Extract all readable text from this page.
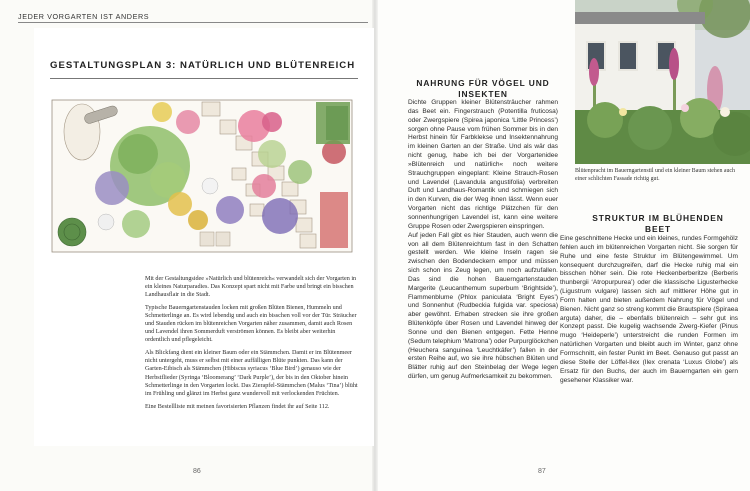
JEDER VORGARTEN IST ANDERS
GESTALTUNGSPLAN 3: NATÜRLICH UND BLÜTENREICH

Mit der Gestaltungsidee »Natürlich und blütenreich« verwandelt sich der Vorgarten in ein kleines Naturparadies. Das Konzept spart nicht mit Farbe und bringt ein bisschen Landhausflair in die Stadt.

Typische Bauerngartenstauden locken mit großen Blüten Bienen, Hummeln und Schmetterlinge an. Es wird lebendig und auch ein bisschen voll vor der Tür. Sträucher und Stauden rücken im blütenreichen Vorgarten näher zusammen, damit auch Rosen und Lavendel ihren Sommerduft verströmen können. Es bleibt aber weiterhin ordentlich und pflegeleicht.

Als Blickfang dient ein kleiner Baum oder ein Stämmchen. Damit er im Blütenmeer nicht untergeht, muss er selbst mit einer auffälligen Blüte punkten. Das kann der Garten-Eibisch als Stämmchen (Hibiscus syriacus ‘Blue Bird’) genauso wie der Herbstflieder (Syringa ‘Bloomerang’ ‘Dark Purple’), der bis in den Oktober hinein Schmetterlinge in den Vorgarten lockt. Das Zierapfel-Stämmchen (Malus ‘Tina’) blüht im Frühling und glänzt im Herbst ganz wundervoll mit verlockenden Früchten.

Eine Bestellliste mit meinen favorisierten Pflanzen findet ihr auf Seite 112.

86
NAHRUNG FÜR VÖGEL UND INSEKTEN

Dichte Gruppen kleiner Blütensträucher rahmen das Beet ein. Fingerstrauch (Potentilla fruticosa) oder Zwergspiere (Spirea japonica ‘Little Princess’) sorgen ohne Pause vom frühen Sommer bis in den Herbst hinein für Farbklekse und Insektennahrung im kleinen Garten an der Straße. Und als wär das nicht genug, habe ich bei der Vorgartenidee »Blütenreich und natürlich« noch weitere Strauchgruppen eingeplant: Kleine Strauch-Rosen und Lavendel (Lavandula angustifolia) verbreiten Duft und Landhaus-Romantik und schmiegen sich in den Kurven, die der Weg ihnen lässt. Wenn euer Vorgarten nicht das richtige Plätzchen für den sonnenhungrigen Lavendel ist, kann eine weitere Gruppe Rosen oder Zwergspieren einspringen.

Auf jeden Fall gibt es hier Stauden, auch wenn die von all dem Blütenreichtum fast in den Schatten gestellt werden. Wie kleine Inseln ragen sie zwischen den Bodendeckern empor und müssen sich schon ins Zeug legen, um noch aufzufallen. Das sind die hohen Bauerngartenstauden Margerite (Leucanthemum superbum ‘Brightside’), Flammenblume (Phlox paniculata ‘Bright Eyes’) und Sonnenhut (Rudbeckia fulgida var. speciosa) aber gewöhnt. Erhaben strecken sie ihre großen Blütenköpfe über Rosen und Lavendel hinweg der Sonne und den Bienen entgegen. Fette Henne (Sedum telephium ‘Matrona’) oder Purpurglöckchen (Heuchera sanguinea ‘Leuchtkäfer’) fallen in der ersten Reihe auf, wo sie ihre hübschen Blüten und Blätter ruhig auf den Steinbelag der Wege legen dürfen, um genug Aufmerksamkeit zu bekommen.

Blütenpracht im Bauerngartenstil und ein kleiner Baum stehen auch einer schlichten Fassade richtig gut.
STRUKTUR IM BLÜHENDEN BEET

Eine geschnittene Hecke und ein kleines, rundes Formgehölz fehlen auch im blütenreichen Vorgarten nicht. Sie sorgen für Ruhe und eine feste Struktur im Blütengewimmel. Um konsequent durchzugreifen, darf die Hecke ruhig mal ein bisschen höher sein. Die rote Heckenberberitze (Berberis thunbergii ‘Atropurpurea’) oder die klassische Ligusterhecke (Ligustrum vulgare) lassen sich auf mittlerer Höhe gut in Form halten und bieten außerdem Nahrung für Vögel und Bienen. Nicht ganz so streng kommt die Brautspiere (Spiraea arguta) daher, die – ebenfalls blütenreich – sehr gut ins Konzept passt. Die kugelig wachsende Zwerg-Kiefer (Pinus mugo ‘Heideperle’) unterstreicht die runden Formen im natürlichen Vorgarten und bleibt auch im Winter, ganz ohne Formschnitt, ein fester Punkt im Beet. Genauso gut passt an diese Stelle der Löffel-Ilex (Ilex crenata ‘Luxus Globe’) als Ersatz für den Buchs, der auch im Bauerngarten ein gern gesehener Klassiker war.

87
